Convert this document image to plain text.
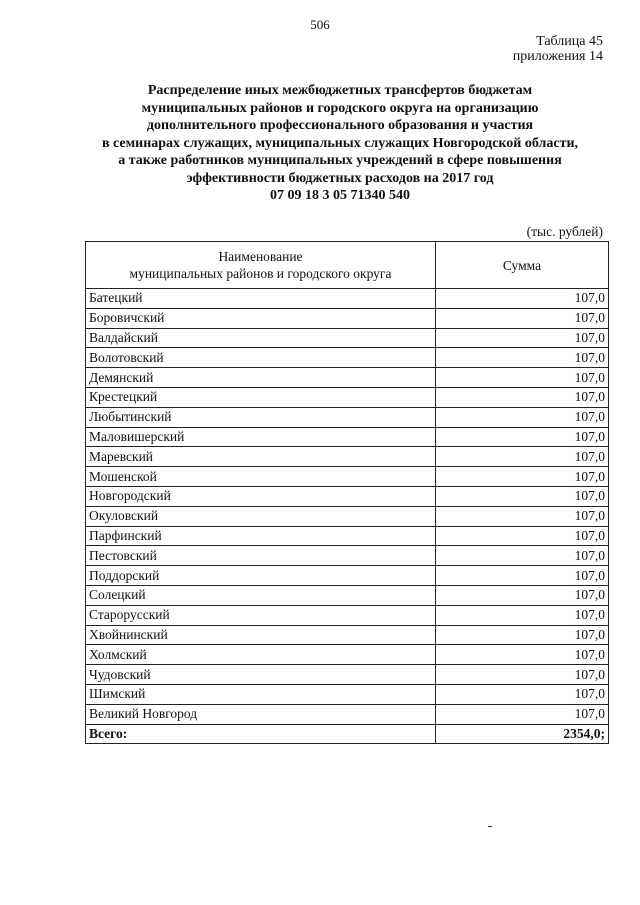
506
Таблица 45
приложения 14
Распределение иных межбюджетных трансфертов бюджетам
муниципальных районов и городского округа на организацию
дополнительного профессионального образования и участия
в семинарах служащих, муниципальных служащих Новгородской области,
а также работников муниципальных учреждений в сфере повышения
эффективности бюджетных расходов на 2017 год
07 09 18 3 05 71340 540
(тыс. рублей)
Наименование
муниципальных районов и городского округа	Сумма
Батецкий	107,0
Боровичский	107,0
Валдайский	107,0
Волотовский	107,0
Демянский	107,0
Крестецкий	107,0
Любытинский	107,0
Маловишерский	107,0
Маревский	107,0
Мошенской	107,0
Новгородский	107,0
Окуловский	107,0
Парфинский	107,0
Пестовский	107,0
Поддорский	107,0
Солецкий	107,0
Старорусский	107,0
Хвойнинский	107,0
Холмский	107,0
Чудовский	107,0
Шимский	107,0
Великий Новгород	107,0
Всего:	2354,0;
